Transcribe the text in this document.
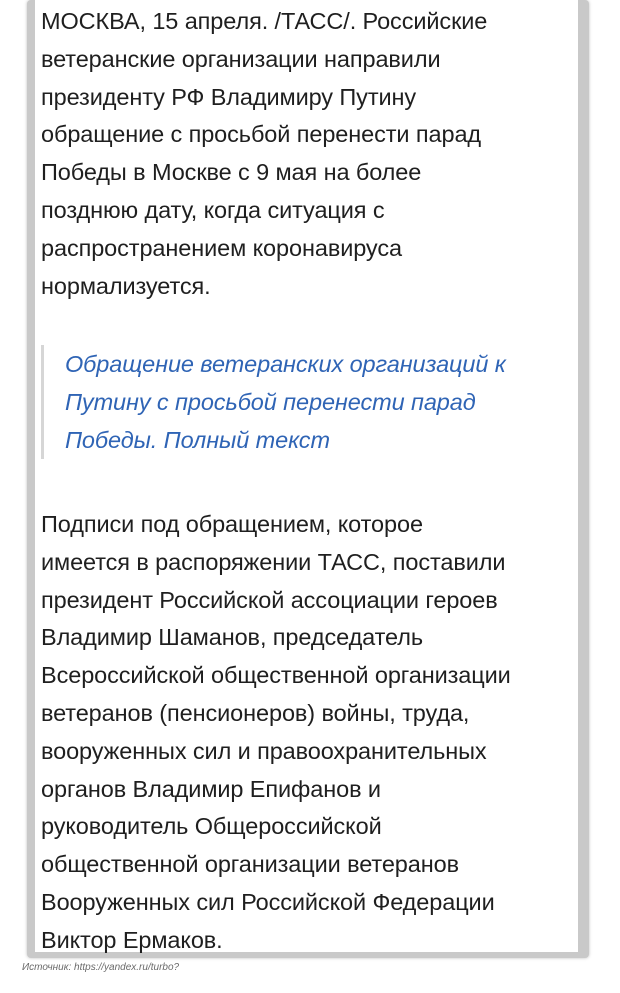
МОСКВА, 15 апреля. /ТАСС/. Российские
ветеранские организации направили
президенту РФ Владимиру Путину
обращение с просьбой перенести парад
Победы в Москве с 9 мая на более
позднюю дату, когда ситуация с
распространением коронавируса
нормализуется.

Обращение ветеранских организаций к
Путину с просьбой перенести парад
Победы. Полный текст

Подписи под обращением, которое
имеется в распоряжении ТАСС, поставили
президент Российской ассоциации героев
Владимир Шаманов, председатель
Всероссийской общественной организации
ветеранов (пенсионеров) войны, труда,
вооруженных сил и правоохранительных
органов Владимир Епифанов и
руководитель Общероссийской
общественной организации ветеранов
Вооруженных сил Российской Федерации
Виктор Ермаков.

Источник: https://yandex.ru/turbo?
